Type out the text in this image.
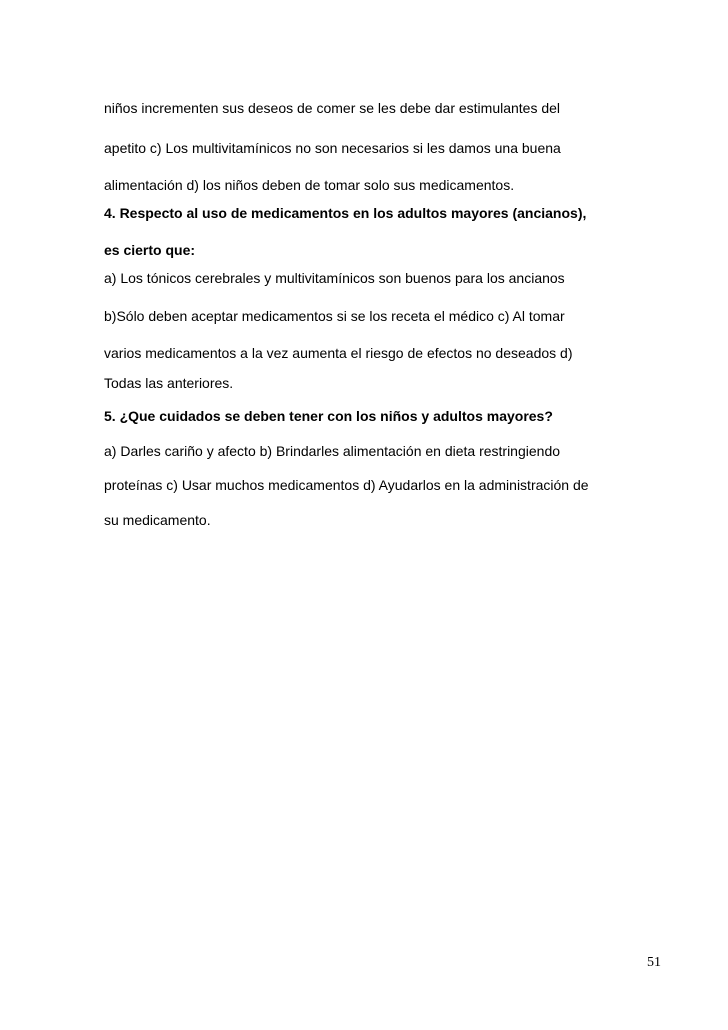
niños incrementen sus deseos de comer se les debe dar estimulantes del
apetito c) Los multivitamínicos no son necesarios si les damos una buena
alimentación d) los niños deben de tomar solo sus medicamentos.
4. Respecto al uso de medicamentos en los adultos mayores (ancianos),
es cierto que:
a) Los tónicos cerebrales y multivitamínicos son buenos para los ancianos
b)Sólo deben aceptar medicamentos si se los receta el médico c) Al tomar
varios medicamentos a la vez aumenta el riesgo de efectos no deseados d)
Todas las anteriores.
5. ¿Que cuidados se deben tener con los niños y adultos mayores?
a) Darles cariño y afecto b) Brindarles alimentación en dieta restringiendo
proteínas c) Usar muchos medicamentos d) Ayudarlos en la administración de
su medicamento.
51
